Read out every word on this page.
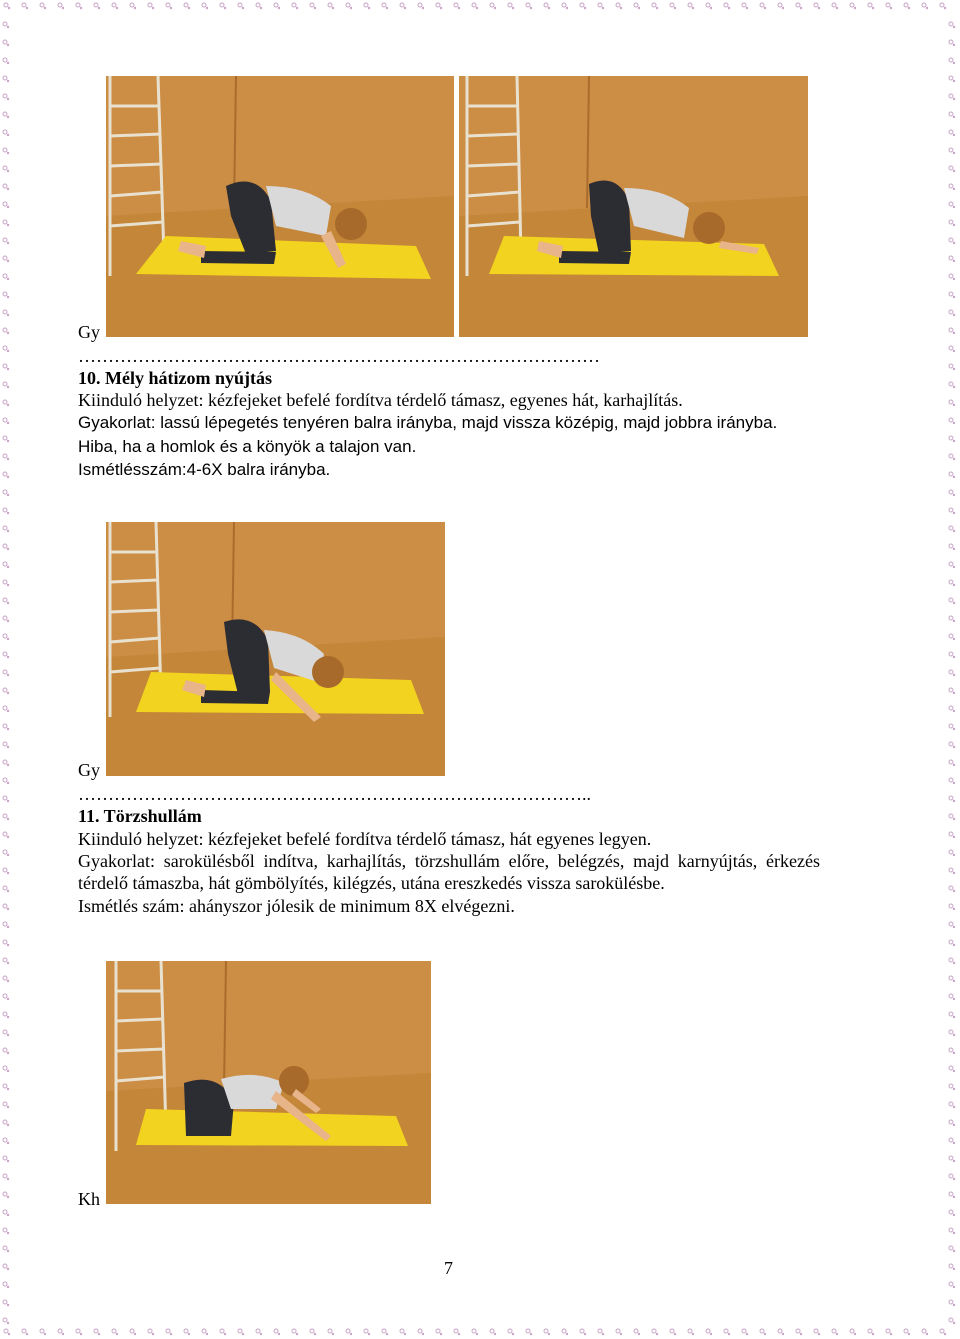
Gy
……………………………………………………………………………
10. Mély hátizom nyújtás
Kiinduló helyzet: kézfejeket befelé fordítva térdelő támasz, egyenes hát, karhajlítás.
Gyakorlat: lassú lépegetés tenyéren balra irányba, majd vissza középig, majd jobbra irányba.
Hiba, ha a homlok és a könyök a talajon van.
Ismétlésszám:4-6X balra irányba.
Gy
…………………………………………………………………………..
11. Törzshullám
Kiinduló helyzet: kézfejeket befelé fordítva térdelő támasz, hát egyenes legyen.
Gyakorlat: sarokülésből indítva, karhajlítás, törzshullám előre, belégzés, majd karnyújtás, érkezés térdelő támaszba, hát gömbölyítés, kilégzés, utána ereszkedés vissza sarokülésbe.
Ismétlés szám: ahányszor jólesik de minimum 8X elvégezni.
Kh
7
